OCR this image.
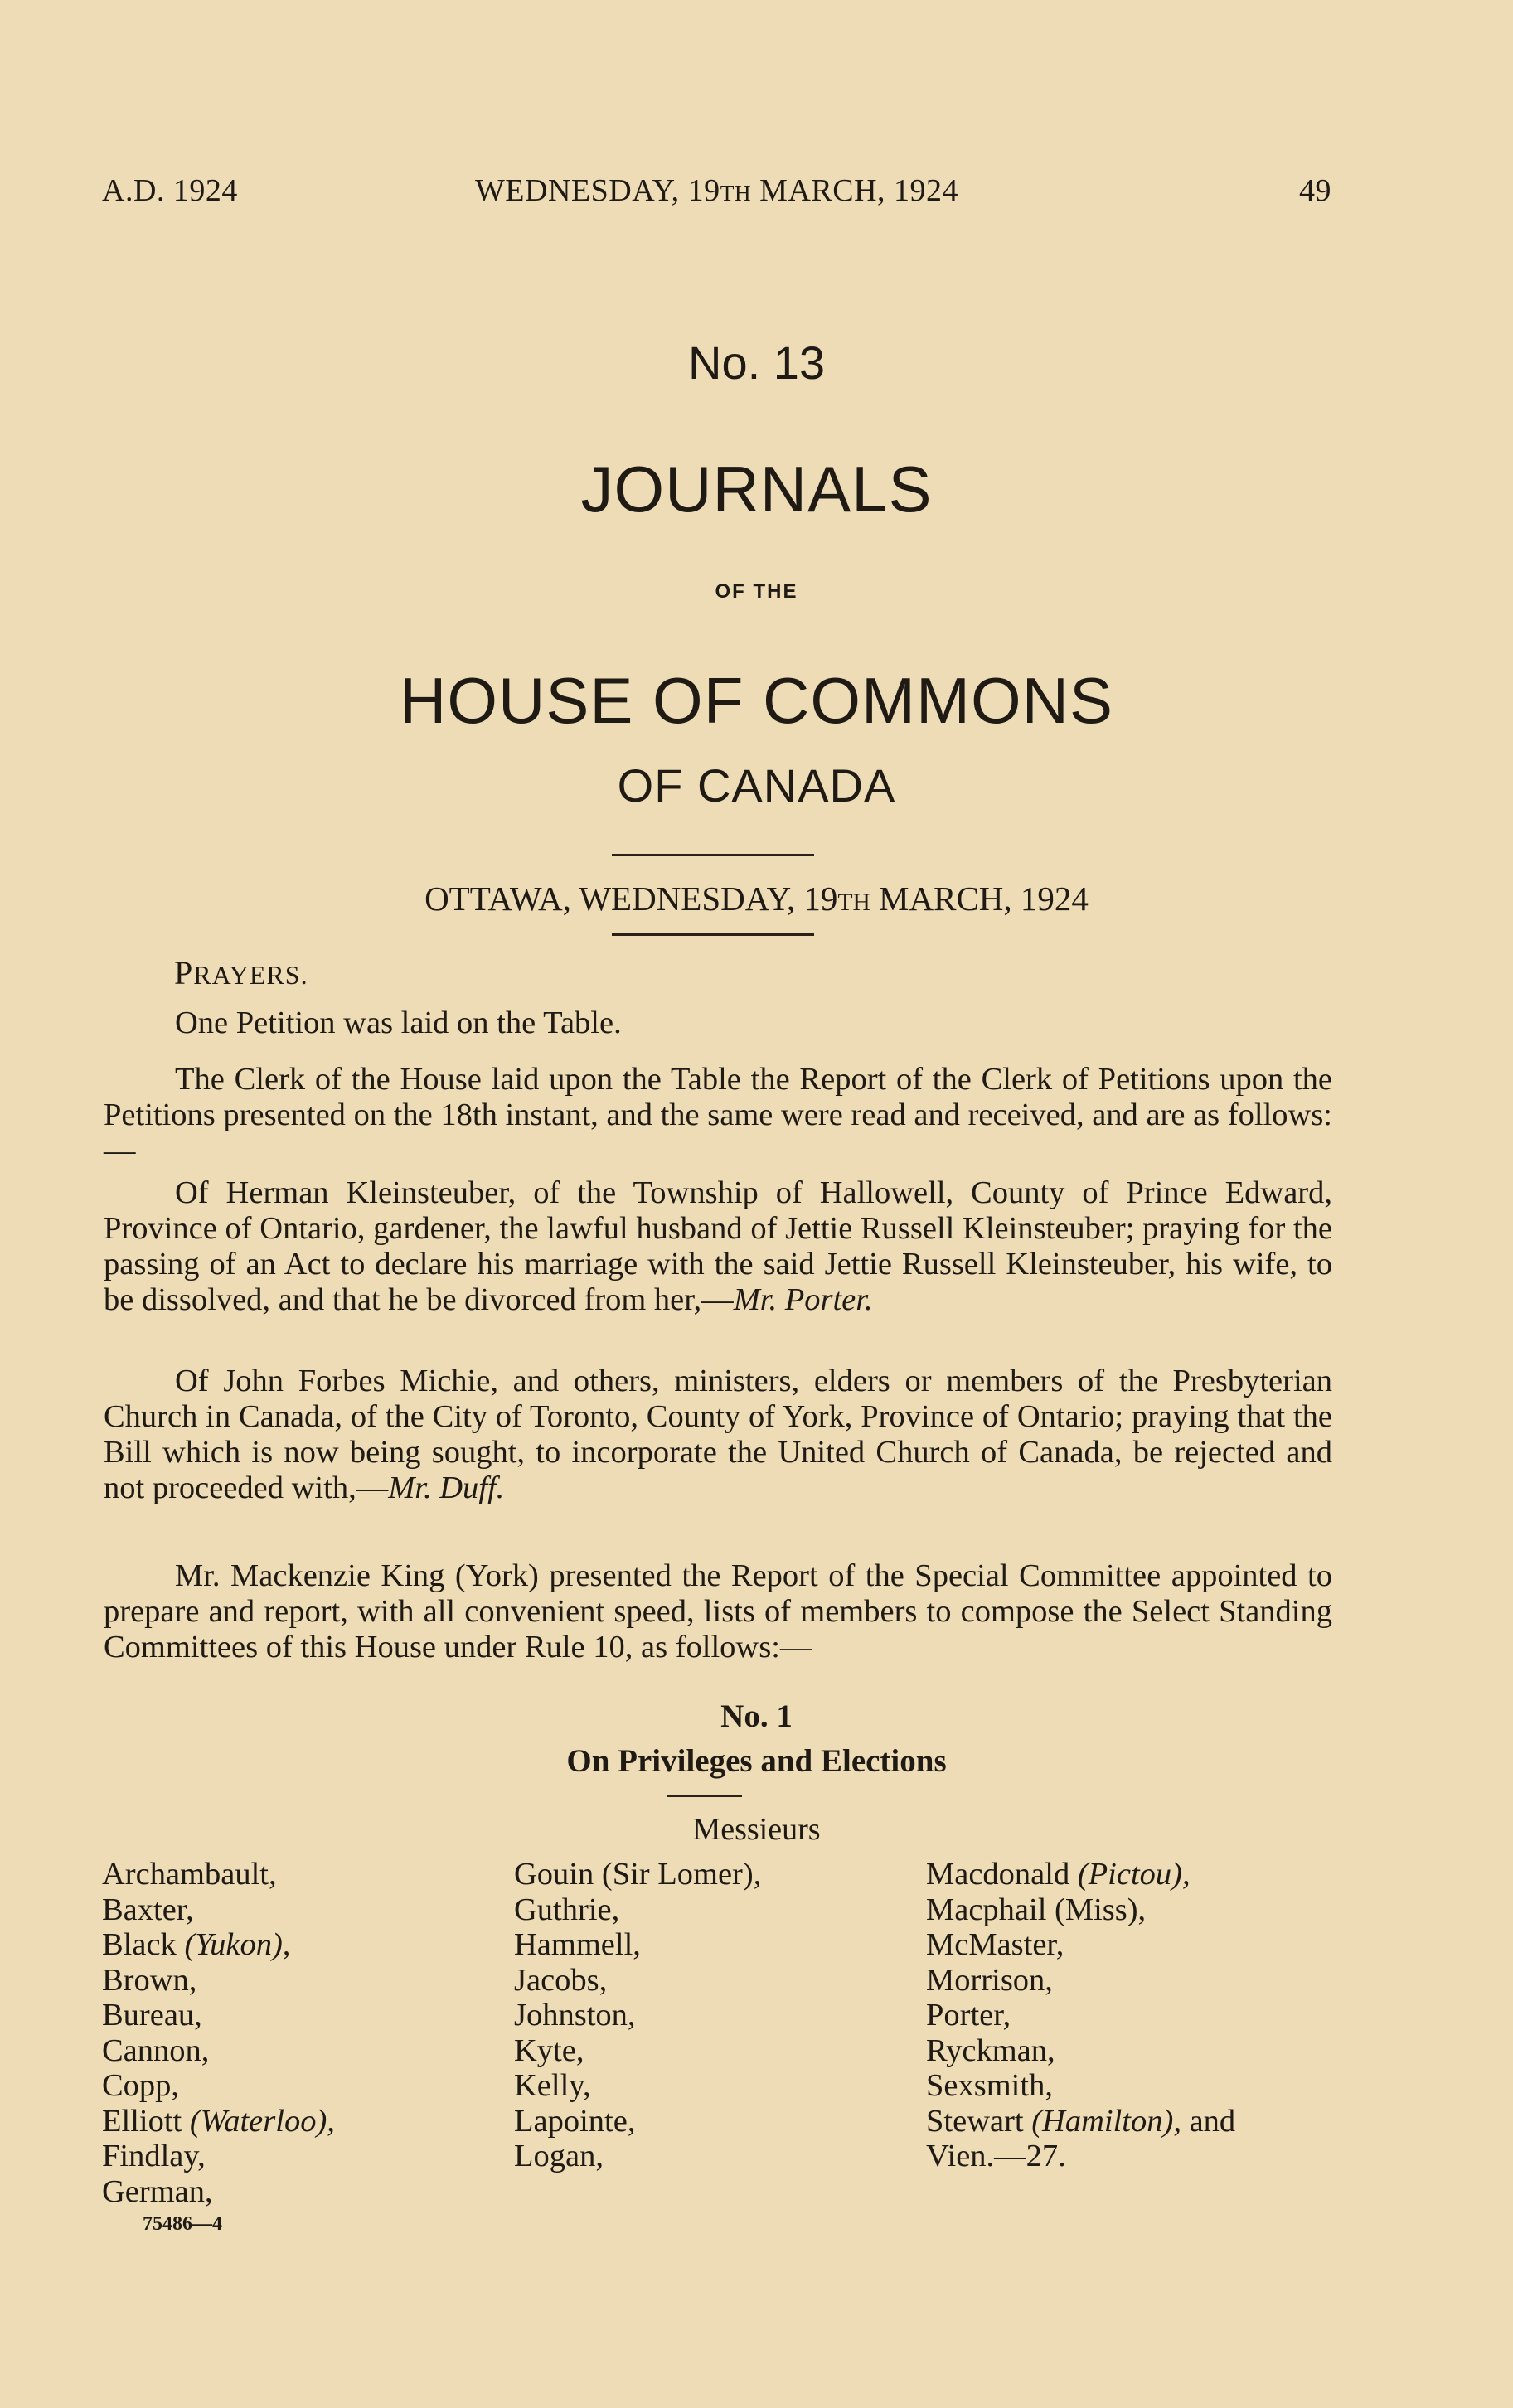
A.D. 1924	WEDNESDAY, 19TH MARCH, 1924	49
No. 13
JOURNALS
OF THE
HOUSE OF COMMONS
OF CANADA
OTTAWA, WEDNESDAY, 19TH MARCH, 1924
PRAYERS.
One Petition was laid on the Table.
The Clerk of the House laid upon the Table the Report of the Clerk of Petitions upon the Petitions presented on the 18th instant, and the same were read and received, and are as follows:—
Of Herman Kleinsteuber, of the Township of Hallowell, County of Prince Edward, Province of Ontario, gardener, the lawful husband of Jettie Russell Kleinsteuber; praying for the passing of an Act to declare his marriage with the said Jettie Russell Kleinsteuber, his wife, to be dissolved, and that he be divorced from her,—Mr. Porter.
Of John Forbes Michie, and others, ministers, elders or members of the Presbyterian Church in Canada, of the City of Toronto, County of York, Province of Ontario; praying that the Bill which is now being sought, to incorporate the United Church of Canada, be rejected and not proceeded with,—Mr. Duff.
Mr. Mackenzie King (York) presented the Report of the Special Committee appointed to prepare and report, with all convenient speed, lists of members to compose the Select Standing Committees of this House under Rule 10, as follows:—
No. 1
On Privileges and Elections
Messieurs
Archambault,
Baxter,
Black (Yukon),
Brown,
Bureau,
Cannon,
Copp,
Elliott (Waterloo),
Findlay,
German,
Gouin (Sir Lomer),
Guthrie,
Hammell,
Jacobs,
Johnston,
Kyte,
Kelly,
Lapointe,
Logan,
Macdonald (Pictou),
Macphail (Miss),
McMaster,
Morrison,
Porter,
Ryckman,
Sexsmith,
Stewart (Hamilton), and
Vien.—27.
75486—4
